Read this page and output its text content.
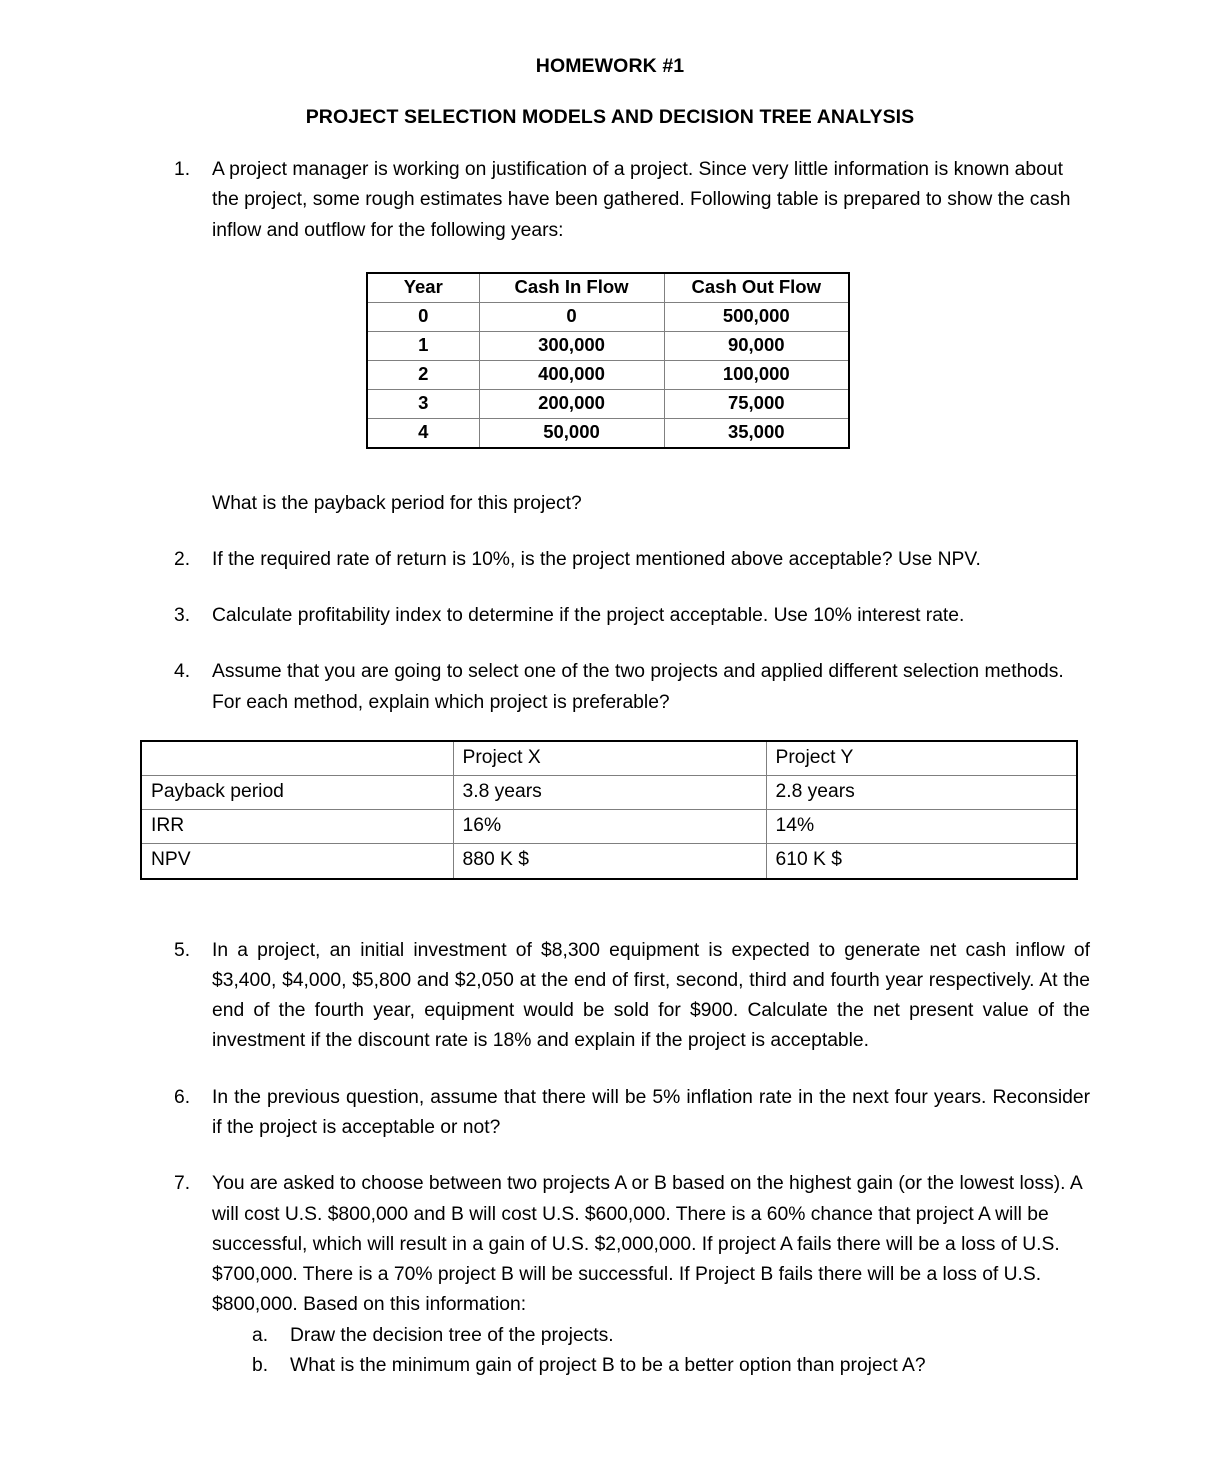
HOMEWORK #1
PROJECT SELECTION MODELS AND DECISION TREE ANALYSIS
1.	A project manager is working on justification of a project. Since very little information is known about the project, some rough estimates have been gathered. Following table is prepared to show the cash inflow and outflow for the following years:
Year	Cash In Flow	Cash Out Flow
0	0	500,000
1	300,000	90,000
2	400,000	100,000
3	200,000	75,000
4	50,000	35,000
What is the payback period for this project?
2.	If the required rate of return is 10%, is the project mentioned above acceptable? Use NPV.
3.	Calculate profitability index to determine if the project acceptable. Use 10% interest rate.
4.	Assume that you are going to select one of the two projects and applied different selection methods. For each method, explain which project is preferable?
	Project X	Project Y
Payback period	3.8 years	2.8 years
IRR	16%	14%
NPV	880 K $	610 K $
5.	In a project, an initial investment of $8,300 equipment is expected to generate net cash inflow of $3,400, $4,000, $5,800 and $2,050 at the end of first, second, third and fourth year respectively. At the end of the fourth year, equipment would be sold for $900. Calculate the net present value of the investment if the discount rate is 18% and explain if the project is acceptable.
6.	In the previous question, assume that there will be 5% inflation rate in the next four years. Reconsider if the project is acceptable or not?
7.	You are asked to choose between two projects A or B based on the highest gain (or the lowest loss). A will cost U.S. $800,000 and B will cost U.S. $600,000. There is a 60% chance that project A will be successful, which will result in a gain of U.S. $2,000,000. If project A fails there will be a loss of U.S. $700,000. There is a 70% project B will be successful. If Project B fails there will be a loss of U.S. $800,000. Based on this information:
a. Draw the decision tree of the projects.
b. What is the minimum gain of project B to be a better option than project A?
